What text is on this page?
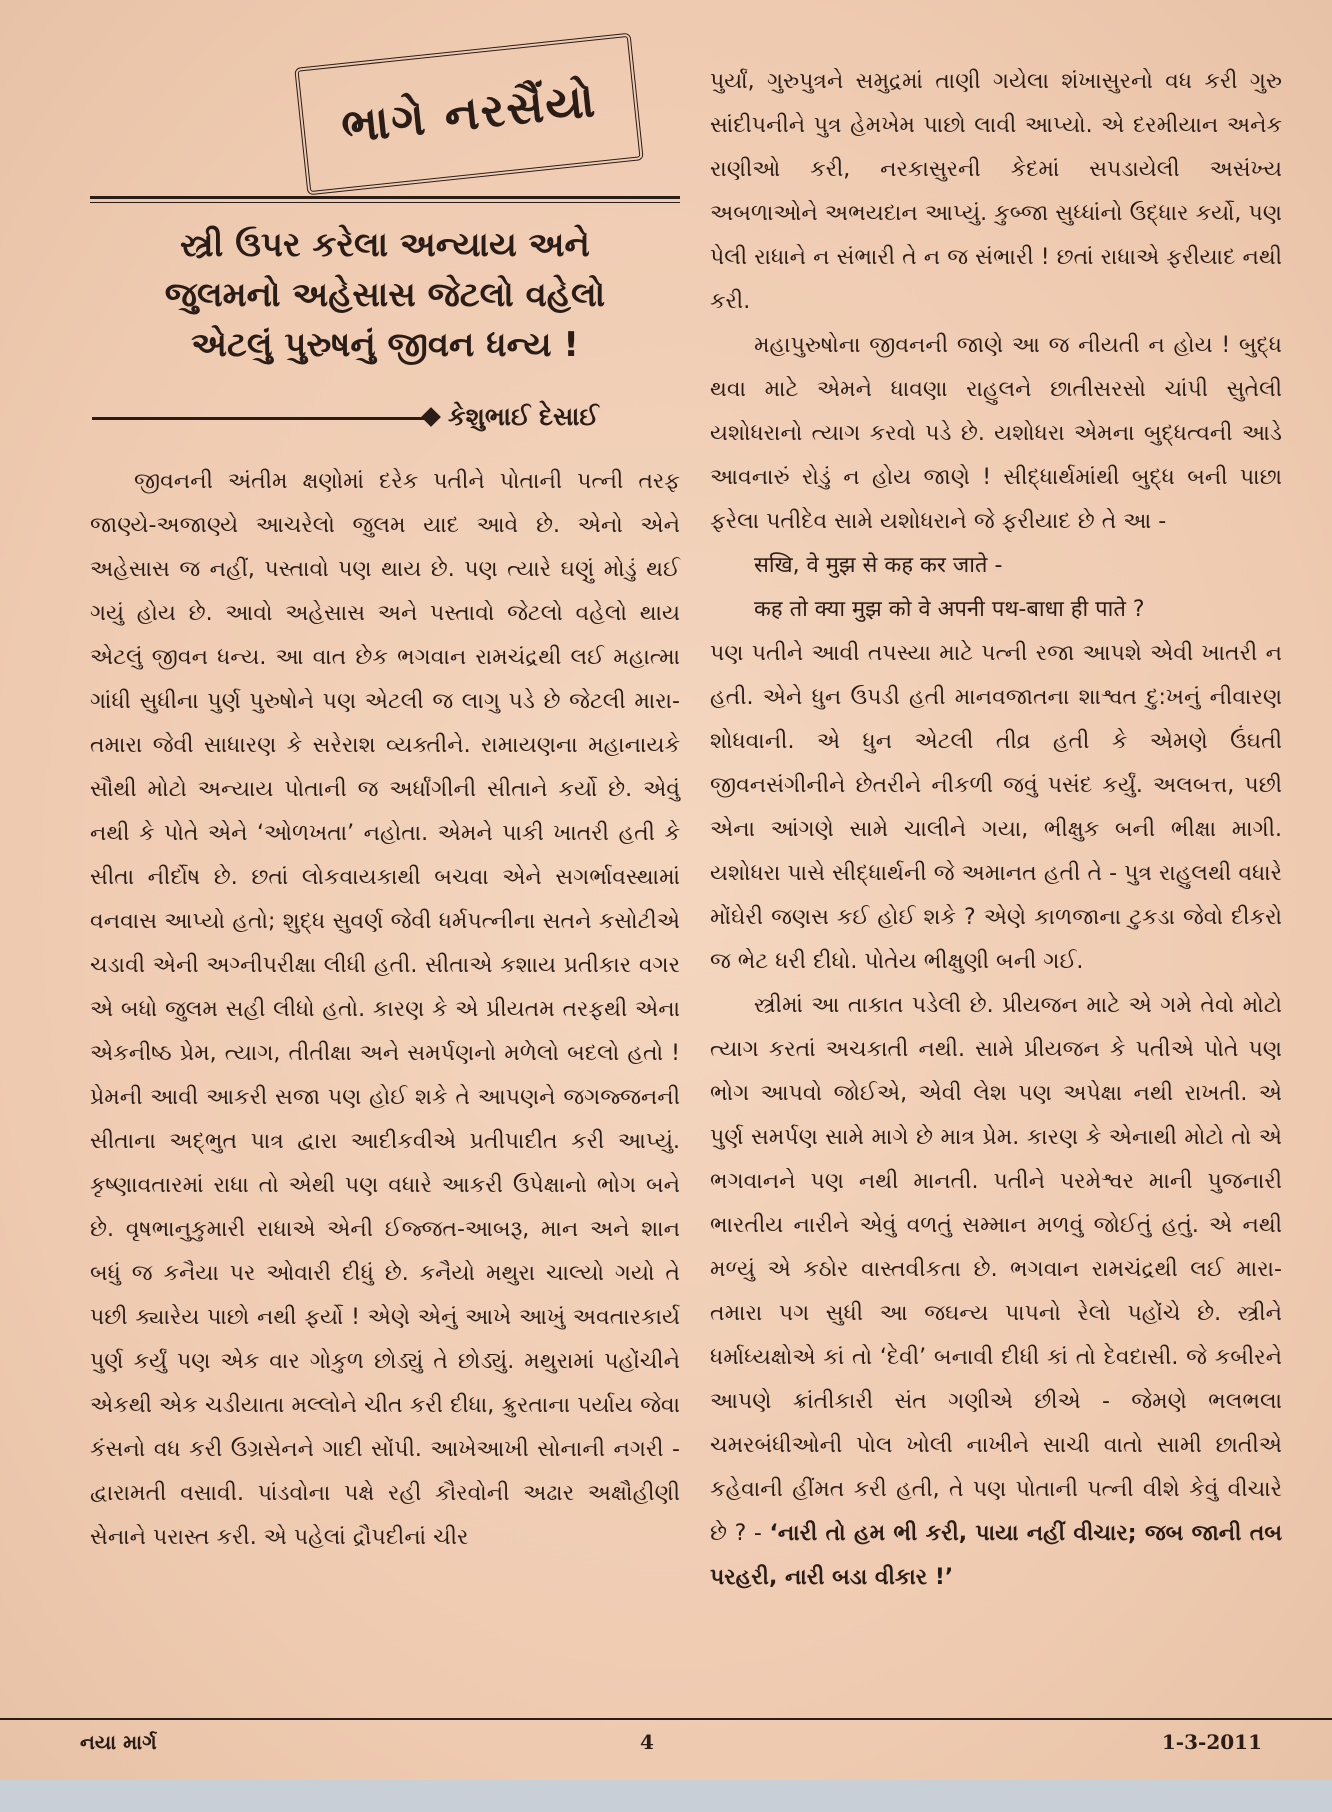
ભાગે નરસૈંયો
સ્ત્રી ઉપર કરેલા અન્યાય અને
જુલમનો અહેસાસ જેટલો વહેલો
એટલું પુરુષનું જીવન ધન્ય !
કેશુભાઈ દેસાઈ

જીવનની અંતીમ ક્ષણોમાં દરેક પતીને પોતાની પત્ની તરફ જાણ્યે-અજાણ્યે આચરેલો જુલમ યાદ આવે છે. એનો એને અહેસાસ જ નહીં, પસ્તાવો પણ થાય છે. પણ ત્યારે ઘણું મોડું થઈ ગયું હોય છે. આવો અહેસાસ અને પસ્તાવો જેટલો વહેલો થાય એટલું જીવન ધન્ય. આ વાત છેક ભગવાન રામચંદ્રથી લઈ મહાત્મા ગાંધી સુધીના પુર્ણ પુરુષોને પણ એટલી જ લાગુ પડે છે જેટલી મારા-તમારા જેવી સાધારણ કે સરેરાશ વ્યક્તીને. રામાયણના મહાનાયકે સૌથી મોટો અન્યાય પોતાની જ અર્ધાંગીની સીતાને કર્યો છે. એવું નથી કે પોતે એને ‘ઓળખતા’ નહોતા. એમને પાકી ખાતરી હતી કે સીતા નીર્દોષ છે. છતાં લોકવાયકાથી બચવા એને સગર્ભાવસ્થામાં વનવાસ આપ્યો હતો; શુદ્ધ સુવર્ણ જેવી ધર્મપત્નીના સતને કસોટીએ ચડાવી એની અગ્નીપરીક્ષા લીધી હતી. સીતાએ કશાય પ્રતીકાર વગર એ બધો જુલમ સહી લીધો હતો. કારણ કે એ પ્રીયતમ તરફથી એના એકનીષ્ઠ પ્રેમ, ત્યાગ, તીતીક્ષા અને સમર્પણનો મળેલો બદલો હતો ! પ્રેમની આવી આકરી સજા પણ હોઈ શકે તે આપણને જગજ્જનની સીતાના અદ્ભુત પાત્ર દ્વારા આદીકવીએ પ્રતીપાદીત કરી આપ્યું. કૃષ્ણાવતારમાં રાધા તો એથી પણ વધારે આકરી ઉપેક્ષાનો ભોગ બને છે. વૃષભાનુકુમારી રાધાએ એની ઈજ્જત-આબરૂ, માન અને શાન બધું જ કનૈયા પર ઓવારી દીધું છે. કનૈયો મથુરા ચાલ્યો ગયો તે પછી ક્યારેય પાછો નથી ફર્યો ! એણે એનું આખે આખું અવતારકાર્ય પુર્ણ કર્યું પણ એક વાર ગોકુળ છોડ્યું તે છોડ્યું. મથુરામાં પહોંચીને એકથી એક ચડીયાતા મલ્લોને ચીત કરી દીધા, ક્રુરતાના પર્યાય જેવા કંસનો વધ કરી ઉગ્રસેનને ગાદી સોંપી. આખેઆખી સોનાની નગરી - દ્વારામતી વસાવી. પાંડવોના પક્ષે રહી કૌરવોની અઢાર અક્ષૌહીણી સેનાને પરાસ્ત કરી. એ પહેલાં દ્રૌપદીનાં ચીર

પુર્યાં, ગુરુપુત્રને સમુદ્રમાં તાણી ગયેલા શંખાસુરનો વધ કરી ગુરુ સાંદીપનીને પુત્ર હેમખેમ પાછો લાવી આપ્યો. એ દરમીયાન અનેક રાણીઓ કરી, નરકાસુરની કેદમાં સપડાયેલી અસંખ્ય અબળાઓને અભયદાન આપ્યું. કુબ્જા સુધ્ધાંનો ઉદ્ધાર કર્યો, પણ પેલી રાધાને ન સંભારી તે ન જ સંભારી ! છતાં રાધાએ ફરીયાદ નથી કરી.

મહાપુરુષોના જીવનની જાણે આ જ નીયતી ન હોય ! બુદ્ધ થવા માટે એમને ધાવણા રાહુલને છાતીસરસો ચાંપી સુતેલી યશોધરાનો ત્યાગ કરવો પડે છે. યશોધરા એમના બુદ્ધત્વની આડે આવનારું રોડું ન હોય જાણે ! સીદ્ધાર્થમાંથી બુદ્ધ બની પાછા ફરેલા પતીદેવ સામે યશોધરાને જે ફરીયાદ છે તે આ -

सखि, वे मुझ से कह कर जाते -

कह तो क्या मुझ को वे अपनी पथ-बाधा ही पाते ?

પણ પતીને આવી તપસ્યા માટે પત્ની રજા આપશે એવી ખાતરી ન હતી. એને ધુન ઉપડી હતી માનવજાતના શાશ્વત દુ:ખનું નીવારણ શોધવાની. એ ધુન એટલી તીવ્ર હતી કે એમણે ઉંઘતી જીવનસંગીનીને છેતરીને નીકળી જવું પસંદ કર્યું. અલબત્ત, પછી એના આંગણે સામે ચાલીને ગયા, ભીક્ષુક બની ભીક્ષા માગી. યશોધરા પાસે સીદ્ધાર્થની જે અમાનત હતી તે - પુત્ર રાહુલથી વધારે મોંઘેરી જણસ કઈ હોઈ શકે ? એણે કાળજાના ટુકડા જેવો દીકરો જ ભેટ ધરી દીધો. પોતેય ભીક્ષુણી બની ગઈ.

સ્ત્રીમાં આ તાકાત પડેલી છે. પ્રીયજન માટે એ ગમે તેવો મોટો ત્યાગ કરતાં અચકાતી નથી. સામે પ્રીયજન કે પતીએ પોતે પણ ભોગ આપવો જોઈએ, એવી લેશ પણ અપેક્ષા નથી રાખતી. એ પુર્ણ સમર્પણ સામે માગે છે માત્ર પ્રેમ. કારણ કે એનાથી મોટો તો એ ભગવાનને પણ નથી માનતી. પતીને પરમેશ્વર માની પુજનારી ભારતીય નારીને એવું વળતું સમ્માન મળવું જોઈતું હતું. એ નથી મળ્યું એ કઠોર વાસ્તવીકતા છે. ભગવાન રામચંદ્રથી લઈ મારા-તમારા પગ સુધી આ જઘન્ય પાપનો રેલો પહોંચે છે. સ્ત્રીને ધર્માધ્યક્ષોએ કાં તો ‘દેવી’ બનાવી દીધી કાં તો દેવદાસી. જે કબીરને આપણે ક્રાંતીકારી સંત ગણીએ છીએ - જેમણે ભલભલા ચમરબંધીઓની પોલ ખોલી નાખીને સાચી વાતો સામી છાતીએ કહેવાની હીંમત કરી હતી, તે પણ પોતાની પત્ની વીશે કેવું વીચારે છે ? - ‘નારી તો હમ ભી કરી, પાયા નહીં વીચાર; જબ જાની તબ પરહરી, નારી બડા વીકાર !’

નયા માર્ગ	4	1-3-2011
